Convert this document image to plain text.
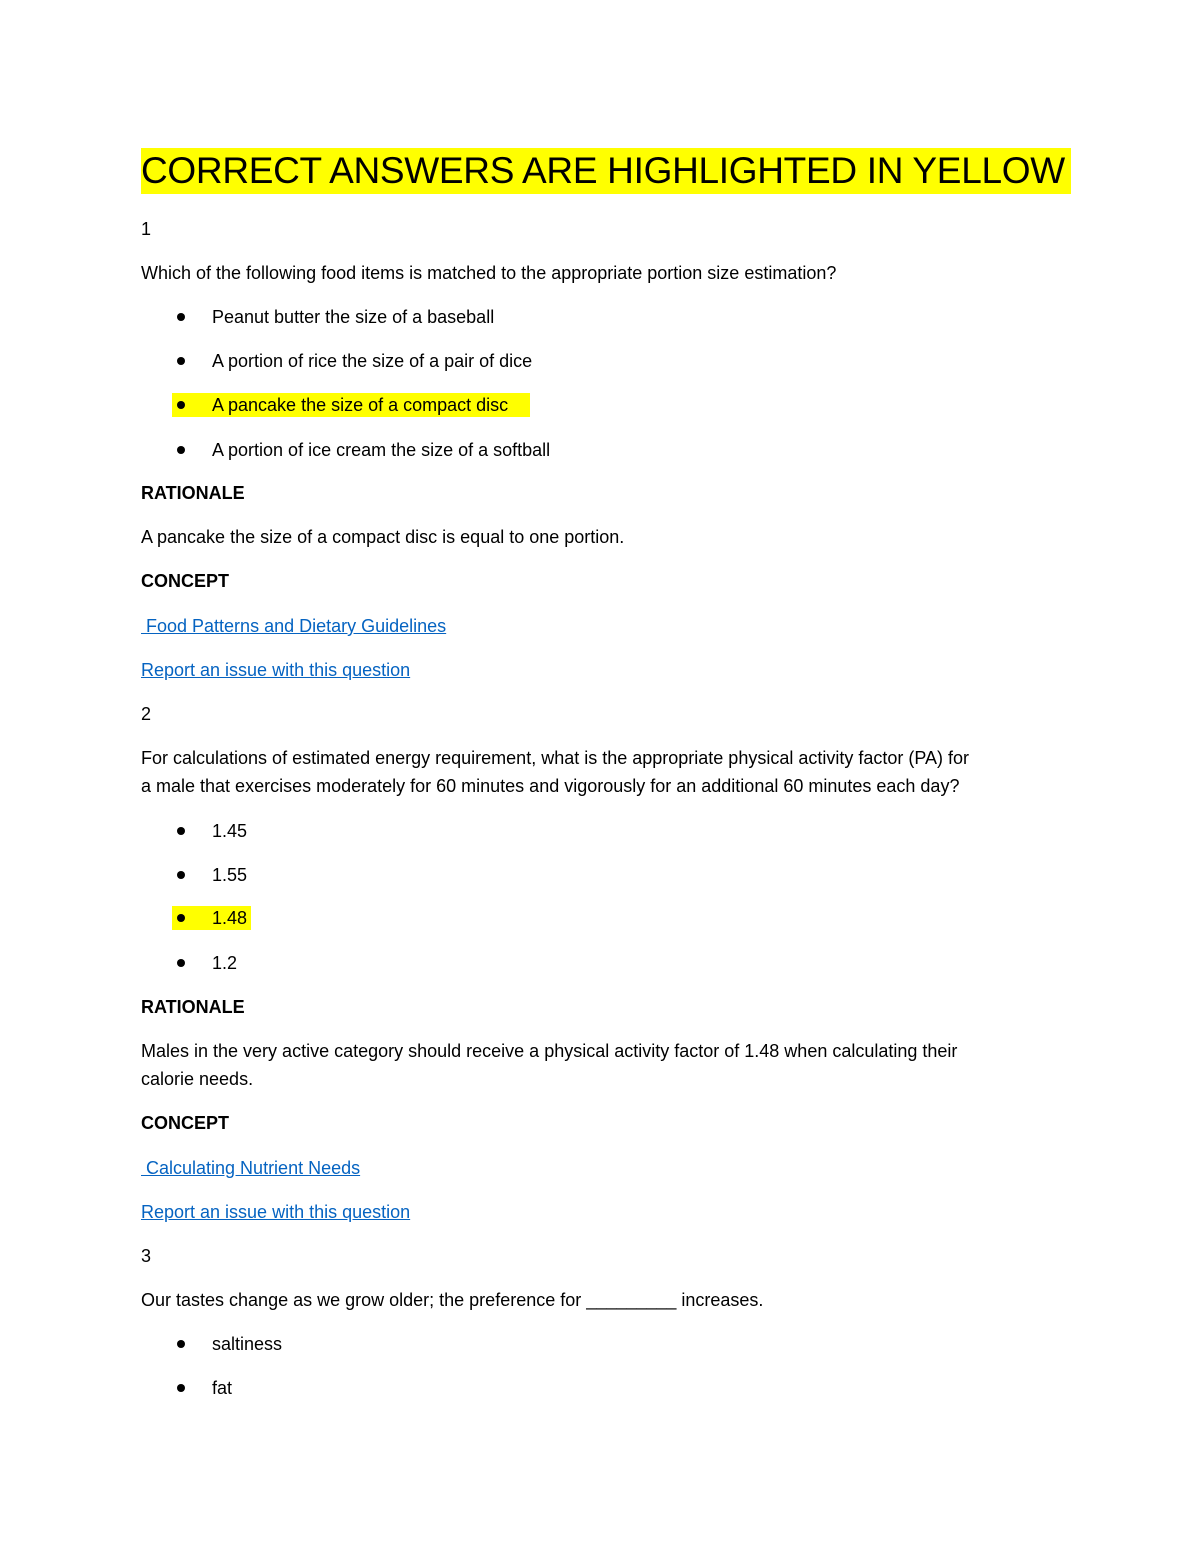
CORRECT ANSWERS ARE HIGHLIGHTED IN YELLOW
1
Which of the following food items is matched to the appropriate portion size estimation?
Peanut butter the size of a baseball
A portion of rice the size of a pair of dice
A pancake the size of a compact disc
A portion of ice cream the size of a softball
RATIONALE
A pancake the size of a compact disc is equal to one portion.
CONCEPT
Food Patterns and Dietary Guidelines
Report an issue with this question
2
For calculations of estimated energy requirement, what is the appropriate physical activity factor (PA) for
a male that exercises moderately for 60 minutes and vigorously for an additional 60 minutes each day?
1.45
1.55
1.48
1.2
RATIONALE
Males in the very active category should receive a physical activity factor of 1.48 when calculating their
calorie needs.
CONCEPT
Calculating Nutrient Needs
Report an issue with this question
3
Our tastes change as we grow older; the preference for _________ increases.
saltiness
fat
